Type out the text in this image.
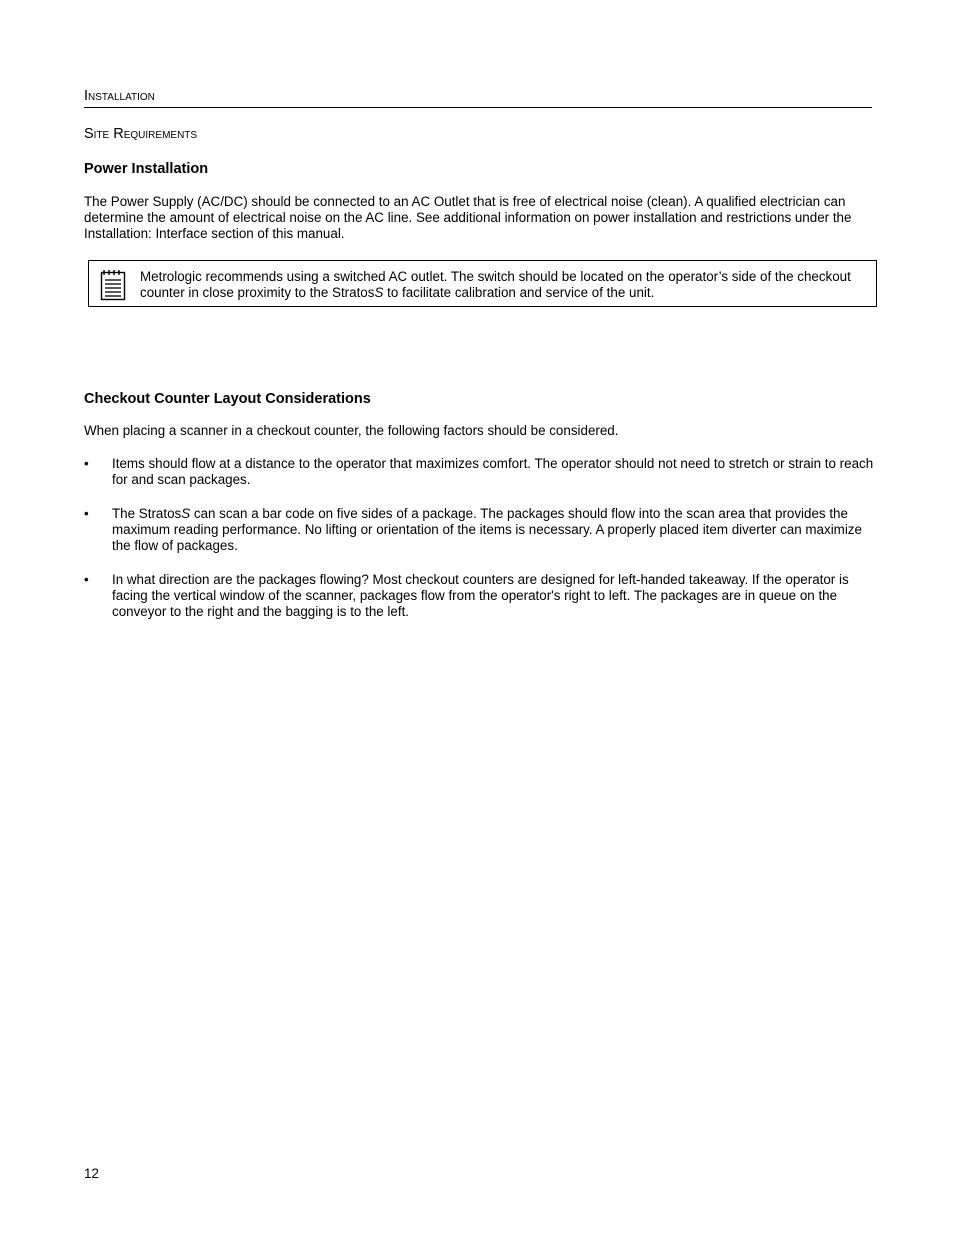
Installation
Site Requirements
Power Installation

The Power Supply (AC/DC) should be connected to an AC Outlet that is free of electrical noise (clean). A qualified electrician can determine the amount of electrical noise on the AC line. See additional information on power installation and restrictions under the Installation: Interface section of this manual.

Metrologic recommends using a switched AC outlet. The switch should be located on the operator’s side of the checkout counter in close proximity to the StratosS to facilitate calibration and service of the unit.

Checkout Counter Layout Considerations

When placing a scanner in a checkout counter, the following factors should be considered.

• Items should flow at a distance to the operator that maximizes comfort. The operator should not need to stretch or strain to reach for and scan packages.
• The StratosS can scan a bar code on five sides of a package. The packages should flow into the scan area that provides the maximum reading performance. No lifting or orientation of the items is necessary. A properly placed item diverter can maximize the flow of packages.
• In what direction are the packages flowing? Most checkout counters are designed for left-handed takeaway. If the operator is facing the vertical window of the scanner, packages flow from the operator's right to left. The packages are in queue on the conveyor to the right and the bagging is to the left.
12
